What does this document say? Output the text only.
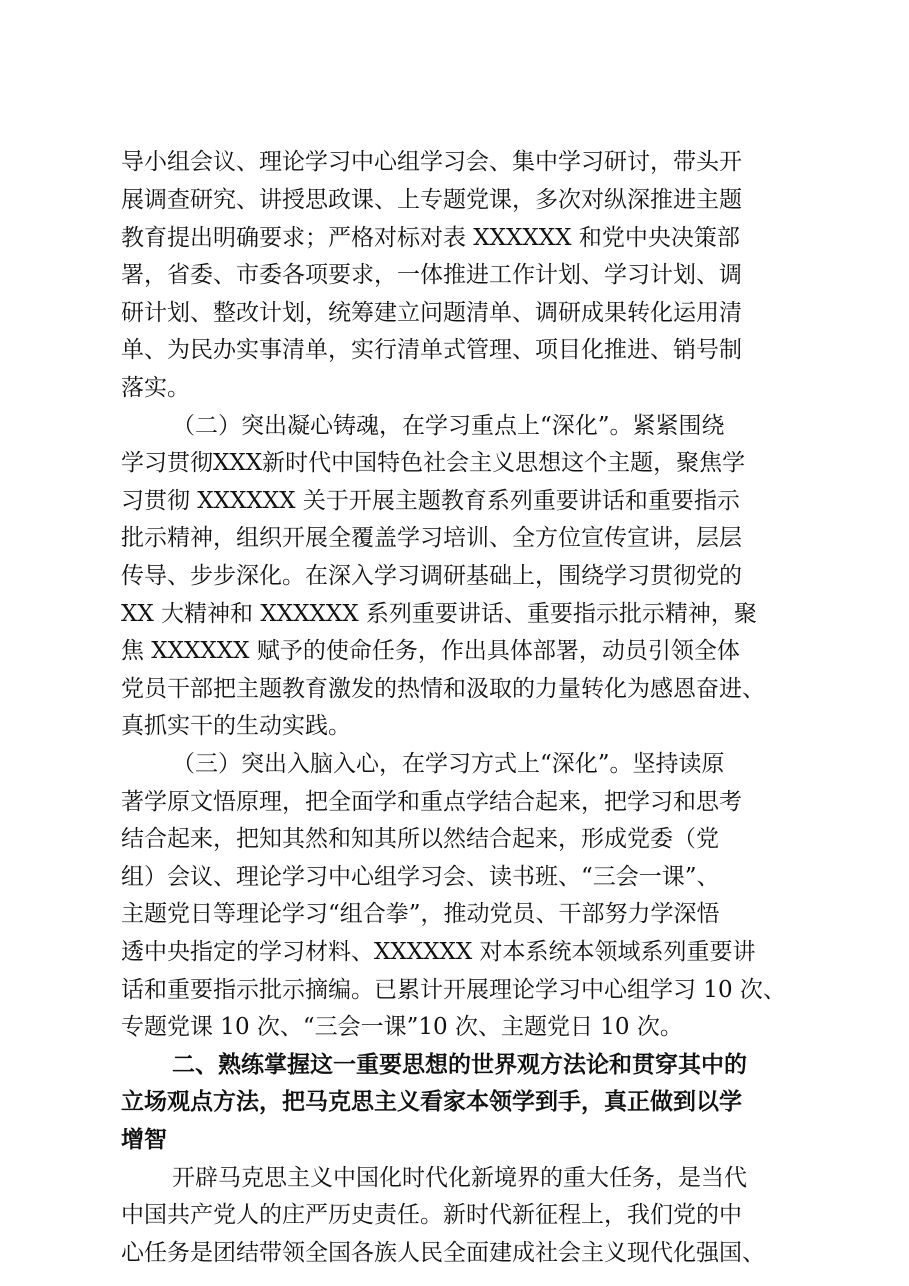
导小组会议、理论学习中心组学习会、集中学习研讨，带头开
展调查研究、讲授思政课、上专题党课，多次对纵深推进主题
教育提出明确要求；严格对标对表 XXXXXX 和党中央决策部
署，省委、市委各项要求，一体推进工作计划、学习计划、调
研计划、整改计划，统筹建立问题清单、调研成果转化运用清
单、为民办实事清单，实行清单式管理、项目化推进、销号制
落实。
（二）突出凝心铸魂，在学习重点上“深化”。紧紧围绕
学习贯彻XXX新时代中国特色社会主义思想这个主题，聚焦学
习贯彻 XXXXXX 关于开展主题教育系列重要讲话和重要指示
批示精神，组织开展全覆盖学习培训、全方位宣传宣讲，层层
传导、步步深化。在深入学习调研基础上，围绕学习贯彻党的
XX 大精神和 XXXXXX 系列重要讲话、重要指示批示精神，聚
焦 XXXXXX 赋予的使命任务，作出具体部署，动员引领全体
党员干部把主题教育激发的热情和汲取的力量转化为感恩奋进、
真抓实干的生动实践。
（三）突出入脑入心，在学习方式上“深化”。坚持读原
著学原文悟原理，把全面学和重点学结合起来，把学习和思考
结合起来，把知其然和知其所以然结合起来，形成党委（党
组）会议、理论学习中心组学习会、读书班、“三会一课”、
主题党日等理论学习“组合拳”，推动党员、干部努力学深悟
透中央指定的学习材料、XXXXXX 对本系统本领域系列重要讲
话和重要指示批示摘编。已累计开展理论学习中心组学习 10 次、
专题党课 10 次、“三会一课”10 次、主题党日 10 次。
二、熟练掌握这一重要思想的世界观方法论和贯穿其中的
立场观点方法，把马克思主义看家本领学到手，真正做到以学
增智
开辟马克思主义中国化时代化新境界的重大任务，是当代
中国共产党人的庄严历史责任。新时代新征程上，我们党的中
心任务是团结带领全国各族人民全面建成社会主义现代化强国、
